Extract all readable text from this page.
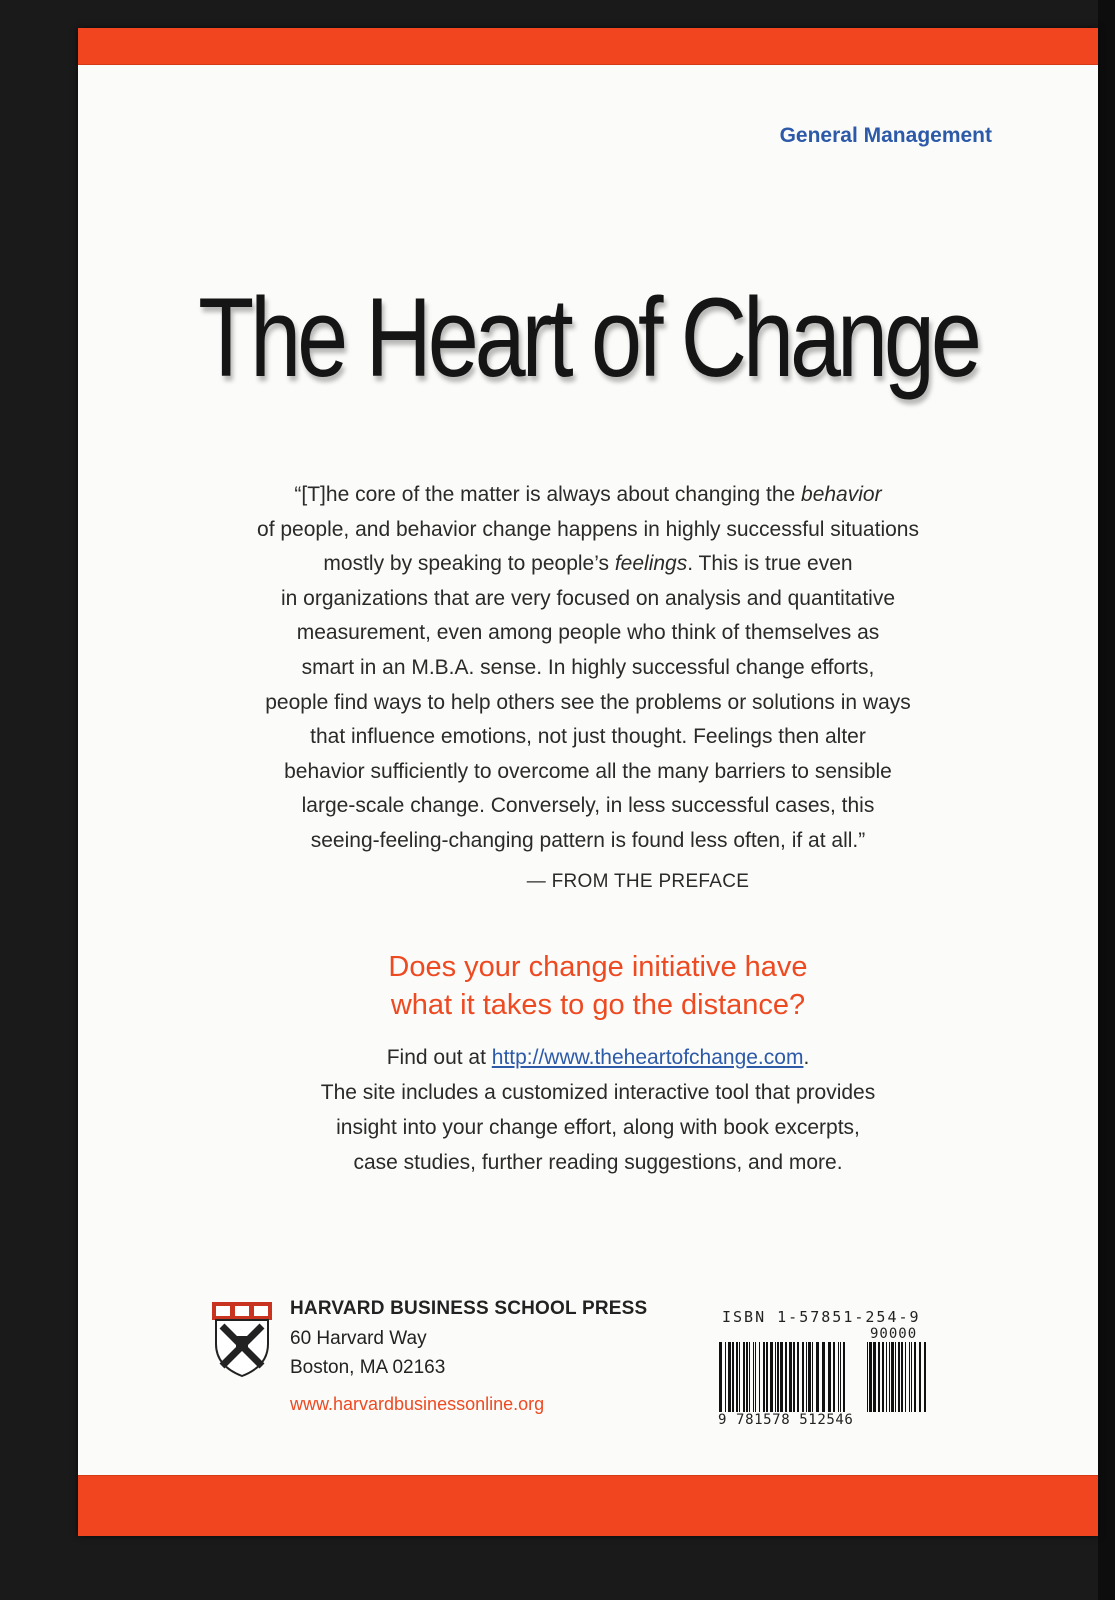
General Management
The Heart of Change
“[T]he core of the matter is always about changing the behavior
of people, and behavior change happens in highly successful situations
mostly by speaking to people’s feelings. This is true even
in organizations that are very focused on analysis and quantitative
measurement, even among people who think of themselves as
smart in an M.B.A. sense. In highly successful change efforts,
people find ways to help others see the problems or solutions in ways
that influence emotions, not just thought. Feelings then alter
behavior sufficiently to overcome all the many barriers to sensible
large-scale change. Conversely, in less successful cases, this
seeing-feeling-changing pattern is found less often, if at all.”
— FROM THE PREFACE
Does your change initiative have
what it takes to go the distance?
Find out at http://www.theheartofchange.com.
The site includes a customized interactive tool that provides
insight into your change effort, along with book excerpts,
case studies, further reading suggestions, and more.
HARVARD BUSINESS SCHOOL PRESS
60 Harvard Way
Boston, MA 02163
www.harvardbusinessonline.org
ISBN 1-57851-254-9
90000
9 781578 512546
